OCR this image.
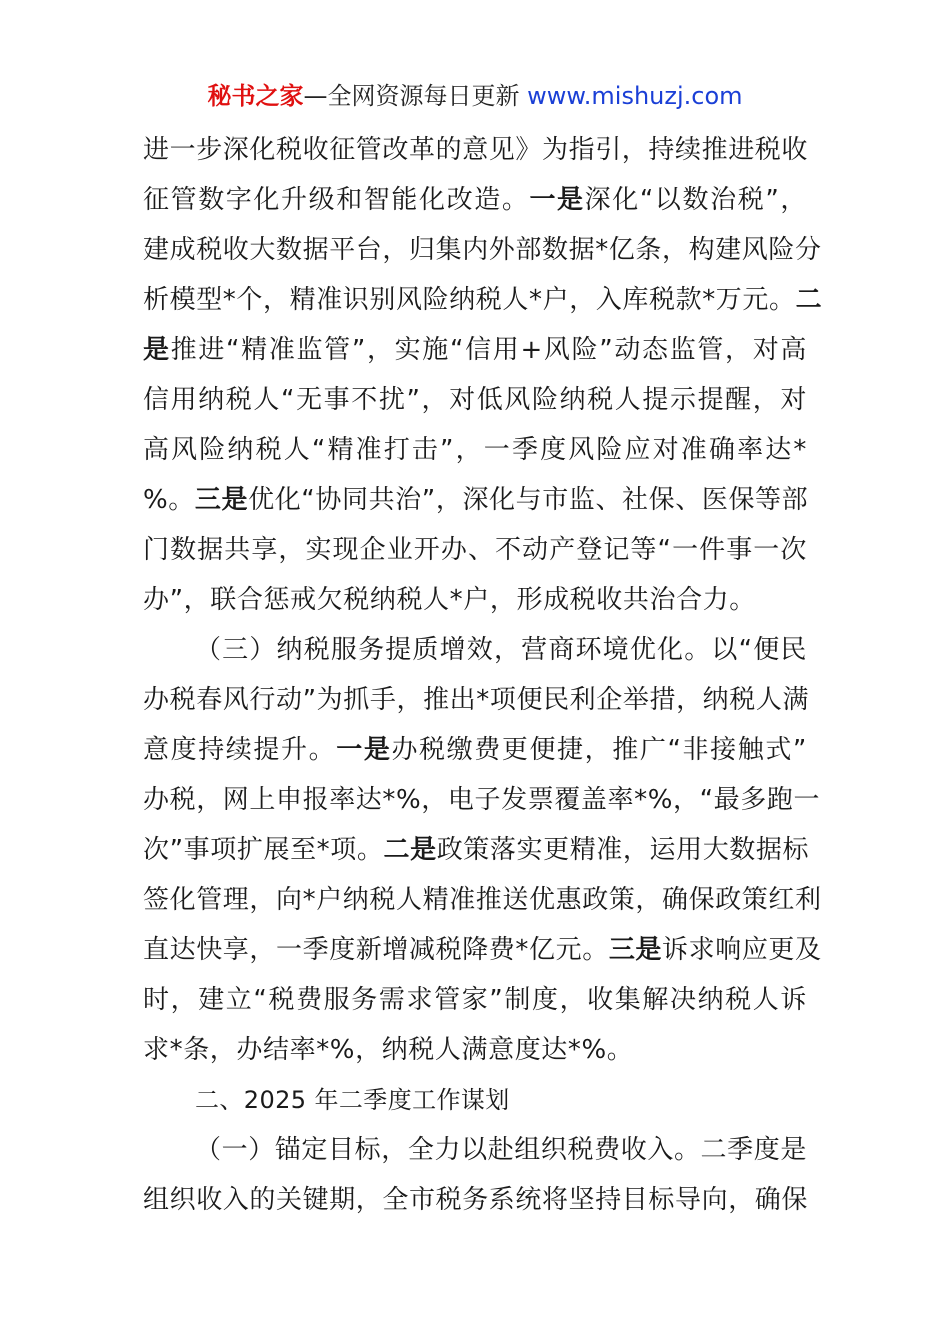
秘书之家—全网资源每日更新 www.mishuzj.com
进一步深化税收征管改革的意见》为指引，持续推进税收
征管数字化升级和智能化改造。一是深化“以数治税”，
建成税收大数据平台，归集内外部数据*亿条，构建风险分
析模型*个，精准识别风险纳税人*户，入库税款*万元。二
是推进“精准监管”，实施“信用+风险”动态监管，对高
信用纳税人“无事不扰”，对低风险纳税人提示提醒，对
高风险纳税人“精准打击”，一季度风险应对准确率达*
%。三是优化“协同共治”，深化与市监、社保、医保等部
门数据共享，实现企业开办、不动产登记等“一件事一次
办”，联合惩戒欠税纳税人*户，形成税收共治合力。
（三）纳税服务提质增效，营商环境优化。以“便民
办税春风行动”为抓手，推出*项便民利企举措，纳税人满
意度持续提升。一是办税缴费更便捷，推广“非接触式”
办税，网上申报率达*%，电子发票覆盖率*%，“最多跑一
次”事项扩展至*项。二是政策落实更精准，运用大数据标
签化管理，向*户纳税人精准推送优惠政策，确保政策红利
直达快享，一季度新增减税降费*亿元。三是诉求响应更及
时，建立“税费服务需求管家”制度，收集解决纳税人诉
求*条，办结率*%，纳税人满意度达*%。
二、2025 年二季度工作谋划
（一）锚定目标，全力以赴组织税费收入。二季度是
组织收入的关键期，全市税务系统将坚持目标导向，确保
